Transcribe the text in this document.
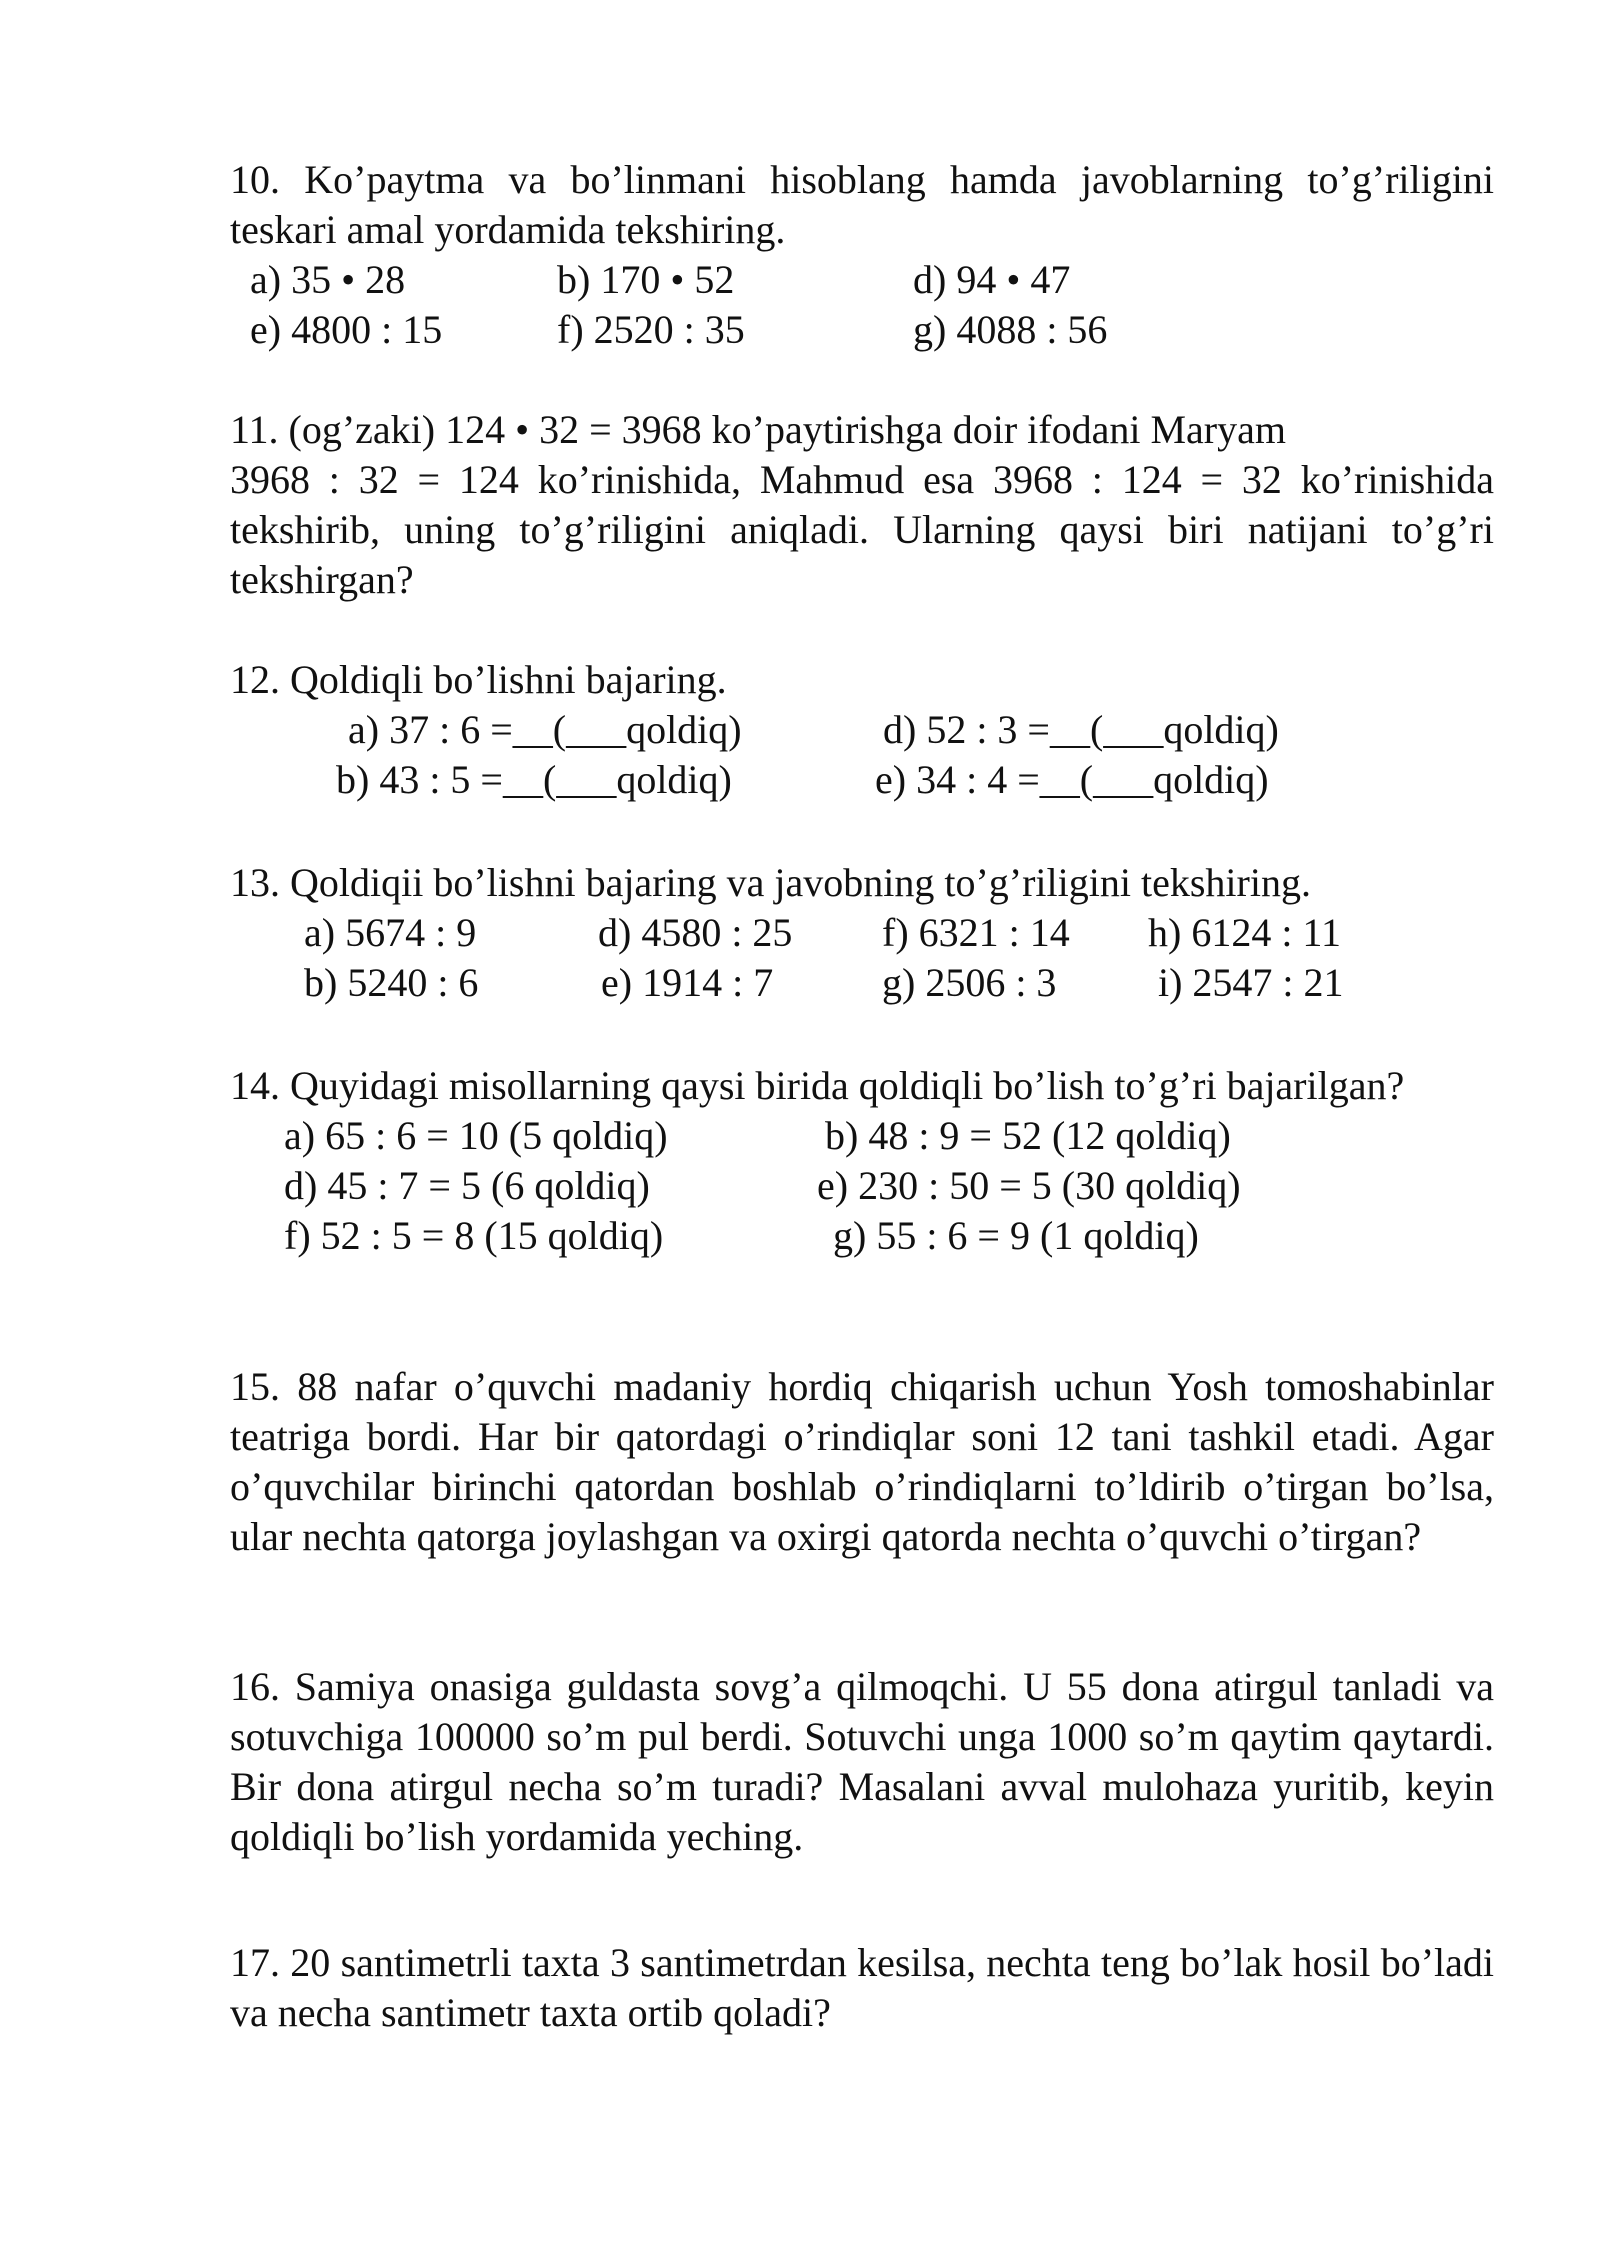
10. Ko’paytma va bo’linmani hisoblang hamda javoblarning to’g’riligini teskari amal yordamida tekshiring.

a) 35 • 28	b) 170 • 52	d) 94 • 47
e) 4800 : 15	f) 2520 : 35	g) 4088 : 56
11. (og’zaki) 124 • 32 = 3968 ko’paytirishga doir ifodani Maryam

3968 : 32 = 124 ko’rinishida, Mahmud esa 3968 : 124 = 32 ko’rinishida tekshirib, uning to’g’riligini aniqladi. Ularning qaysi biri natijani to’g’ri tekshirgan?

12. Qoldiqli bo’lishni bajaring.
a) 37 : 6 =__(___qoldiq)	d) 52 : 3 =__(___qoldiq)
b) 43 : 5 =__(___qoldiq)	e) 34 : 4 =__(___qoldiq)
13. Qoldiqii bo’lishni bajaring va javobning to’g’riligini tekshiring.
a) 5674 : 9	d) 4580 : 25 f) 6321 : 14 h) 6124 : 11
b) 5240 : 6	e) 1914 : 7	g) 2506 : 3	i) 2547 : 21

14. Quyidagi misollarning qaysi birida qoldiqli bo’lish to’g’ri bajarilgan?

a) 65 : 6 = 10 (5 qoldiq)	b) 48 : 9 = 52 (12 qoldiq)
d) 45 : 7 = 5 (6 qoldiq)	e) 230 : 50 = 5 (30 qoldiq)
f) 52 : 5 = 8 (15 qoldiq)	g) 55 : 6 = 9 (1 qoldiq)

15. 88 nafar o’quvchi madaniy hordiq chiqarish uchun Yosh tomoshabinlar teatriga bordi. Har bir qatordagi o’rindiqlar soni 12 tani tashkil etadi. Agar o’quvchilar birinchi qatordan boshlab o’rindiqlarni to’ldirib o’tirgan bo’lsa, ular nechta qatorga joylashgan va oxirgi qatorda nechta o’quvchi o’tirgan?

16. Samiya onasiga guldasta sovg’a qilmoqchi. U 55 dona atirgul tanladi va sotuvchiga 100000 so’m pul berdi. Sotuvchi unga 1000 so’m qaytim qaytardi. Bir dona atirgul necha so’m turadi? Masalani avval mulohaza yuritib, keyin qoldiqli bo’lish yordamida yeching.

17. 20 santimetrli taxta 3 santimetrdan kesilsa, nechta teng bo’lak hosil bo’ladi va necha santimetr taxta ortib qoladi?
